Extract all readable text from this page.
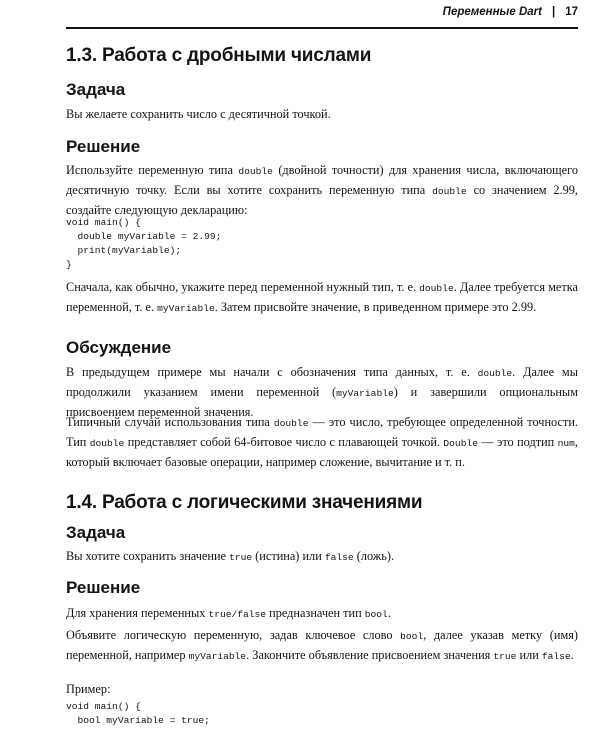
Переменные Dart | 17
1.3. Работа с дробными числами
Задача

Вы желаете сохранить число с десятичной точкой.

Решение

Используйте переменную типа double (двойной точности) для хранения числа, включающего десятичную точку. Если вы хотите сохранить переменную типа double со значением 2.99, создайте следующую декларацию:

void main() {
double myVariable = 2.99;
print(myVariable);
}

Сначала, как обычно, укажите перед переменной нужный тип, т. е. double. Далее требуется метка переменной, т. е. myVariable. Затем присвойте значение, в приведенном примере это 2.99.

Обсуждение

В предыдущем примере мы начали с обозначения типа данных, т. е. double. Далее мы продолжили указанием имени переменной (myVariable) и завершили опциональным присвоением переменной значения.

Типичный случай использования типа double — это число, требующее определенной точности. Тип double представляет собой 64-битовое число с плавающей точкой. Double — это подтип num, который включает базовые операции, например сложение, вычитание и т. п.

1.4. Работа с логическими значениями
Задача

Вы хотите сохранить значение true (истина) или false (ложь).

Решение

Для хранения переменных true/false предназначен тип bool.

Объявите логическую переменную, задав ключевое слово bool, далее указав метку (имя) переменной, например myVariable. Закончите объявление присвоением значения true или false.

Пример:

void main() {
bool myVariable = true;
